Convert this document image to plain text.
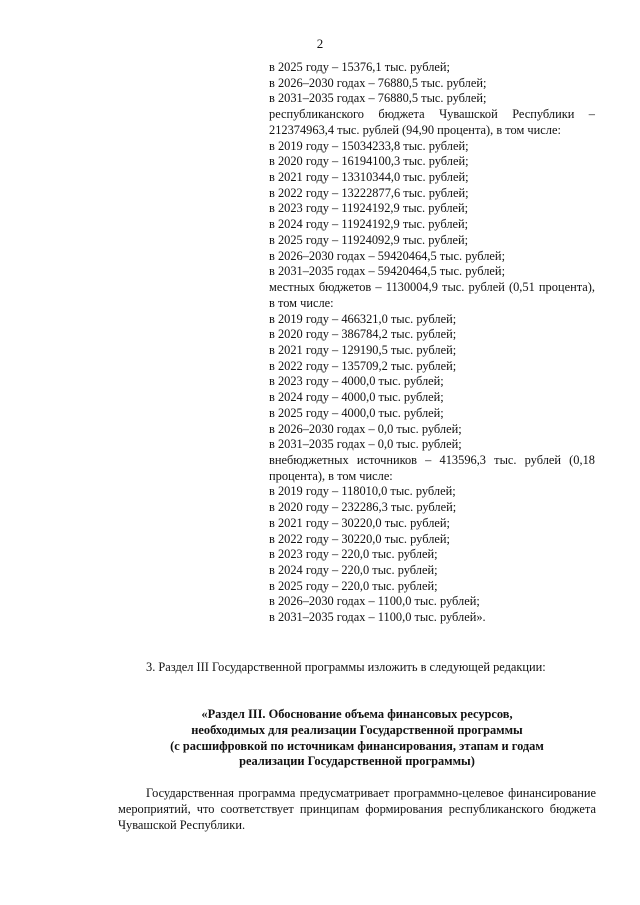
2
в 2025 году – 15376,1 тыс. рублей;
в 2026–2030 годах – 76880,5 тыс. рублей;
в 2031–2035 годах – 76880,5 тыс. рублей;
республиканского бюджета Чувашской Республики – 212374963,4 тыс. рублей (94,90 процента), в том числе:
в 2019 году – 15034233,8 тыс. рублей;
в 2020 году – 16194100,3 тыс. рублей;
в 2021 году – 13310344,0 тыс. рублей;
в 2022 году – 13222877,6 тыс. рублей;
в 2023 году – 11924192,9 тыс. рублей;
в 2024 году – 11924192,9 тыс. рублей;
в 2025 году – 11924092,9 тыс. рублей;
в 2026–2030 годах – 59420464,5 тыс. рублей;
в 2031–2035 годах – 59420464,5 тыс. рублей;
местных бюджетов – 1130004,9 тыс. рублей (0,51 процента), в том числе:
в 2019 году – 466321,0 тыс. рублей;
в 2020 году – 386784,2 тыс. рублей;
в 2021 году – 129190,5 тыс. рублей;
в 2022 году – 135709,2 тыс. рублей;
в 2023 году – 4000,0 тыс. рублей;
в 2024 году – 4000,0 тыс. рублей;
в 2025 году – 4000,0 тыс. рублей;
в 2026–2030 годах – 0,0 тыс. рублей;
в 2031–2035 годах – 0,0 тыс. рублей;
внебюджетных источников – 413596,3 тыс. рублей (0,18 процента), в том числе:
в 2019 году – 118010,0 тыс. рублей;
в 2020 году – 232286,3 тыс. рублей;
в 2021 году – 30220,0 тыс. рублей;
в 2022 году – 30220,0 тыс. рублей;
в 2023 году – 220,0 тыс. рублей;
в 2024 году – 220,0 тыс. рублей;
в 2025 году – 220,0 тыс. рублей;
в 2026–2030 годах – 1100,0 тыс. рублей;
в 2031–2035 годах – 1100,0 тыс. рублей».
3. Раздел III Государственной программы изложить в следующей редакции:
«Раздел III. Обоснование объема финансовых ресурсов,
необходимых для реализации Государственной программы
(с расшифровкой по источникам финансирования, этапам и годам
реализации Государственной программы)
Государственная программа предусматривает программно-целевое финансирование мероприятий, что соответствует принципам формирования республиканского бюджета Чувашской Республики.
